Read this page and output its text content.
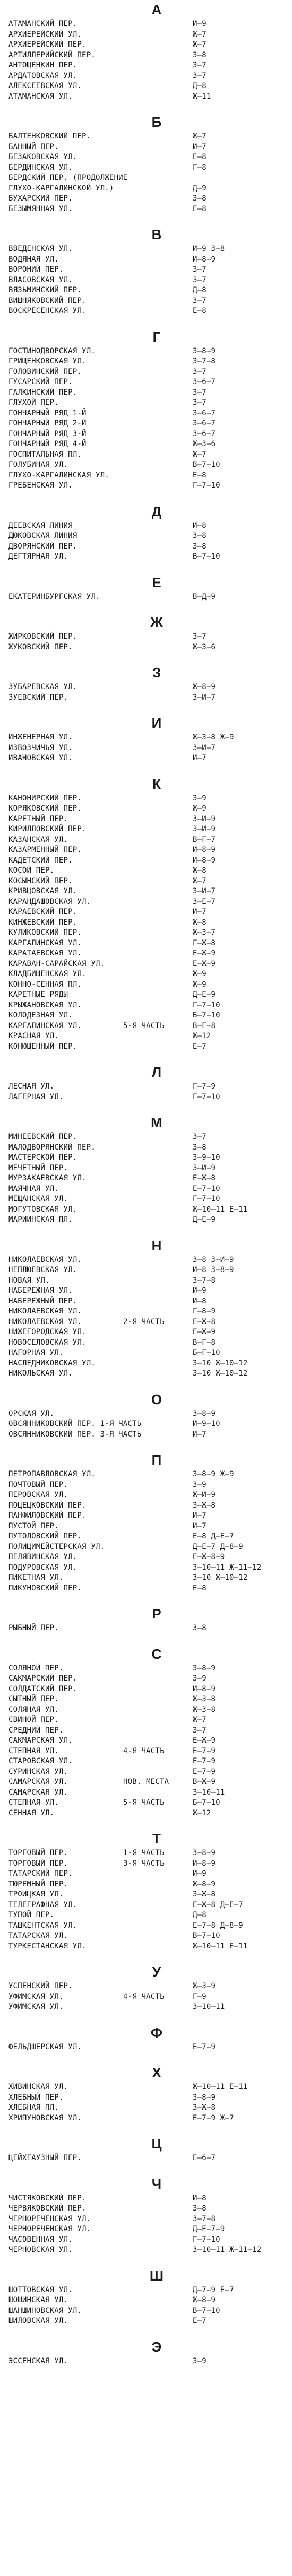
А
АТАМАНСКИЙ ПЕР.	И—9
АРХИЕРЕЙСКИЙ УЛ.	Ж—7
АРХИЕРЕЙСКИЙ ПЕР.	Ж—7
АРТИЛЛЕРИЙСКИЙ ПЕР.	3—8
АНТОЩЕНКИН ПЕР.	3—7
АРДАТОВСКАЯ УЛ.	3—7
АЛЕКСЕЕВСКАЯ УЛ.	Д—8
АТАМАНСКАЯ УЛ.	Ж—11
Б
БАЛТЕНКОВСКИЙ ПЕР.	Ж—7
БАННЫЙ ПЕР.	И—7
БЕЗАКОВСКАЯ УЛ.	Е—8
БЕРДИНСКАЯ УЛ.	Г—8
БЕРДСКИЙ ПЕР. (ПРОДОЛЖЕНИЕ
ГЛУХО-КАРГАЛИНСКОЙ УЛ.)	Д—9
БУХАРСКИЙ ПЕР.	3—8
БЕЗЫМЯННАЯ УЛ.	Е—8
В
ВВЕДЕНСКАЯ УЛ.	И—9 3—8
ВОДЯНАЯ УЛ.	И—8—9
ВОРОНИЙ ПЕР.	3—7
ВЛАСОВСКАЯ УЛ.	3—7
ВЯЗЬМИНСКИЙ ПЕР.	Д—8
ВИШНЯКОВСКИЙ ПЕР.	3—7
ВОСКРЕСЕНСКАЯ УЛ.	Е—8
Г
ГОСТИНОДВОРСКАЯ УЛ.	3—8—9
ГРИЩЕНКОВСКАЯ УЛ.	3—7—8
ГОЛОВИНСКИЙ ПЕР.	3—7
ГУСАРСКИЙ ПЕР.	3—6—7
ГАЛКИНСКИЙ ПЕР.	3—7
ГЛУХОЙ ПЕР.	3—7
ГОНЧАРНЫЙ РЯД 1-Й	3—6—7
ГОНЧАРНЫЙ РЯД 2-Й	3—6—7
ГОНЧАРНЫЙ РЯД 3-Й	3—6—7
ГОНЧАРНЫЙ РЯД 4-Й	Ж—3—6
ГОСПИТАЛЬНАЯ ПЛ.	Ж—7
ГОЛУБИНАЯ УЛ.	В—7—10
ГЛУХО-КАРГАЛИНСКАЯ УЛ.	Е—8
ГРЕБЕНСКАЯ УЛ.	Г—7—10
Д
ДЕЕВСКАЯ ЛИНИЯ	И—8
ДЮКОВСКАЯ ЛИНИЯ	3—8
ДВОРЯНСКИЙ ПЕР.	3—8
ДЕГТЯРНАЯ УЛ.	В—7—10
Е
ЕКАТЕРИНБУРГСКАЯ УЛ.	В—Д—9
Ж
ЖИРКОВСКИЙ ПЕР.	3—7
ЖУКОВСКИЙ ПЕР.	Ж—3—6
З
ЗУБАРЕВСКАЯ УЛ.	Ж—8—9
ЗУЕВСКИЙ ПЕР.	3—И—7
И
ИНЖЕНЕРНАЯ УЛ.	Ж—3—8 Ж—9
ИЗВОЗЧИЧЬЯ УЛ.	3—И—7
ИВАНОВСКАЯ УЛ.	И—7
К
КАНОНИРСКИЙ ПЕР.	3—9
КОРЯКОВСКИЙ ПЕР.	Ж—9
КАРЕТНЫЙ ПЕР.	3—И—9
КИРИЛЛОВСКИЙ ПЕР.	3—И—9
КАЗАНСКАЯ УЛ.	В—Г—7
КАЗАРМЕННЫЙ ПЕР.	И—8—9
КАДЕТСКИЙ ПЕР.	И—8—9
КОСОЙ ПЕР.	Ж—8
КОСЫНСКИЙ ПЕР.	Ж—7
КРИВЦОВСКАЯ УЛ.	3—И—7
КАРАНДАШОВСКАЯ УЛ.	3—Е—7
КАРАЕВСКИЙ ПЕР.	И—7
КИНЖЕВСКИЙ ПЕР.	Ж—8
КУЛИКОВСКИЙ ПЕР.	Ж—3—7
КАРГАЛИНСКАЯ УЛ.	Г—Ж—8
КАРАТАЕВСКАЯ УЛ.	Е—Ж—9
КАРАВАН-САРАЙСКАЯ УЛ.	Е—Ж—9
КЛАДБИЩЕНСКАЯ УЛ.	Ж—9
КОННО-СЕННАЯ ПЛ.	Ж—9
КАРЕТНЫЕ РЯДЫ	Д—Е—9
КРЫЖАНОВСКАЯ УЛ.	Г—7—10
КОЛОДЕЗНАЯ УЛ.	Б—7—10
КАРГАЛИНСКАЯ УЛ.	5-Я ЧАСТЬ	В—Г—8
КРАСНАЯ УЛ.	Ж—12
КОНЮШЕННЫЙ ПЕР.	Е—7
Л
ЛЕСНАЯ УЛ.	Г—7—9
ЛАГЕРНАЯ УЛ.	Г—7—10
М
МИНЕЕВСКИЙ ПЕР.	3—7
МАЛОДВОРЯНСКИЙ ПЕР.	3—8
МАСТЕРСКОЙ ПЕР.	3—9—10
МЕЧЕТНЫЙ ПЕР.	3—И—9
МУРЗАКАЕВСКАЯ УЛ.	Е—Ж—8
МАЯЧНАЯ УЛ.	Е—7—10
МЕЩАНСКАЯ УЛ.	Г—7—10
МОГУТОВСКАЯ УЛ.	Ж—10—11 Е—11
МАРИИНСКАЯ ПЛ.	Д—Е—9
Н
НИКОЛАЕВСКАЯ УЛ.	3—8 3—И—9
НЕПЛЮЕВСКАЯ УЛ.	И—8 3—8—9
НОВАЯ УЛ.	3—7—8
НАБЕРЕЖНАЯ УЛ.	И—9
НАБЕРЕЖНЫЙ ПЕР.	И—8
НИКОЛАЕВСКАЯ УЛ.	Г—8—9
НИКОЛАЕВСКАЯ УЛ.	2-Я ЧАСТЬ	Е—Ж—8
НИЖЕГОРОДСКАЯ УЛ.	Е—Ж—9
НОВОСЕЛОВСКАЯ УЛ.	В—Г—8
НАГОРНАЯ УЛ.	Б—Г—10
НАСЛЕДНИКОВСКАЯ УЛ.	3—10 Ж—10—12
НИКОЛЬСКАЯ УЛ.	3—10 Ж—10—12
О
ОРСКАЯ УЛ.	3—8—9
ОВСЯННИКОВСКИЙ ПЕР. 1-Я ЧАСТЬ	И—9—10
ОВСЯННИКОВСКИЙ ПЕР. 3-Я ЧАСТЬ	И—7
П
ПЕТРОПАВЛОВСКАЯ УЛ.	3—8—9 Ж—9
ПОЧТОВЫЙ ПЕР.	3—9
ПЕРОВСКАЯ УЛ.	Ж—И—9
ПОЦЕЦКОВСКИЙ ПЕР.	3—Ж—8
ПАНФИЛОВСКИЙ ПЕР.	И—7
ПУСТОЙ ПЕР.	И—7
ПУТОЛОВСКИЙ ПЕР.	Е—8 Д—Е—7
ПОЛИЦИМЕЙСТЕРСКАЯ УЛ.	Д—Е—7 Д—8—9
ПЕЛЯВИНСКАЯ УЛ.	Е—Ж—8—9
ПОДУРОВСКАЯ УЛ.	3—10—11 Ж—11—12
ПИКЕТНАЯ УЛ.	3—10 Ж—10—12
ПИКУНОВСКИЙ ПЕР.	Е—8
Р
РЫБНЫЙ ПЕР.	3—8
С
СОЛЯНОЙ ПЕР.	3—8—9
САКМАРСКИЙ ПЕР.	3—9
СОЛДАТСКИЙ ПЕР.	И—8—9
СЫТНЫЙ ПЕР.	Ж—3—8
СОЛЯНАЯ УЛ.	Ж—3—8
СВИНОЙ ПЕР.	Ж—7
СРЕДНИЙ ПЕР.	3—7
САКМАРСКАЯ УЛ.	Е—Ж—9
СТЕПНАЯ УЛ.	4-Я ЧАСТЬ	Е—7—9
СТАРОВСКАЯ УЛ.	Е—7—9
СУРИНСКАЯ УЛ.	Е—7—9
САМАРСКАЯ УЛ.	НОВ. МЕСТА	В—Ж—9
САМАРСКАЯ УЛ.	3—10—11
СТЕПНАЯ УЛ.	5-Я ЧАСТЬ	Б—7—10
СЕННАЯ УЛ.	Ж—12
Т
ТОРГОВЫЙ ПЕР.	1-Я ЧАСТЬ	3—8—9
ТОРГОВЫЙ ПЕР.	3-Я ЧАСТЬ	И—8—9
ТАТАРСКИЙ ПЕР.	И—9
ТЮРЕМНЫЙ ПЕР.	Ж—8—9
ТРОИЦКАЯ УЛ.	3—Ж—8
ТЕЛЕГРАФНАЯ УЛ.	Е—Ж—8 Д—Е—7
ТУПОЙ ПЕР.	Д—8
ТАШКЕНТСКАЯ УЛ.	Е—7—8 Д—8—9
ТАТАРСКАЯ УЛ.	В—7—10
ТУРКЕСТАНСКАЯ УЛ.	Ж—10—11 Е—11
У
УСПЕНСКИЙ ПЕР.	Ж—3—9
УФИМСКАЯ УЛ.	4-Я ЧАСТЬ	Г—9
УФИМСКАЯ УЛ.	3—10—11
Ф
ФЕЛЬДШЕРСКАЯ УЛ.	Е—7—9
Х
ХИВИНСКАЯ УЛ.	Ж—10—11 Е—11
ХЛЕБНЫЙ ПЕР.	3—8—9
ХЛЕБНАЯ ПЛ.	3—Ж—8
ХРИПУНОВСКАЯ УЛ.	Е—7—9 Ж—7
Ц
ЦЕЙХГАУЗНЫЙ ПЕР.	Е—6—7
Ч
ЧИСТЯКОВСКИЙ ПЕР.	И—8
ЧЕРВЯКОВСКИЙ ПЕР.	3—8
ЧЕРНОРЕЧЕНСКАЯ УЛ.	3—7—8
ЧЕРНОРЕЧЕНСКАЯ УЛ.	Д—Е—7—9
ЧАСОВЕННАЯ УЛ.	Г—7—10
ЧЕРНОВСКАЯ УЛ.	3—10—11 Ж—11—12
Ш
ШОТТОВСКАЯ УЛ.	Д—7—9 Е—7
ШОШИНСКАЯ УЛ.	Ж—8—9
ШАНШИНОВСКАЯ УЛ.	В—7—10
ШИЛОВСКАЯ УЛ.	Е—7
Э
ЭССЕНСКАЯ УЛ.	3—9
